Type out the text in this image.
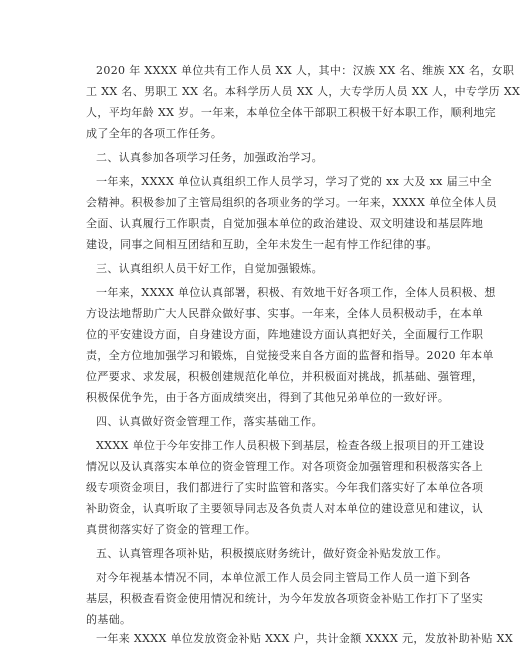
2020 年 XXXX 单位共有工作人员 XX 人，其中：汉族 XX 名、维族 XX 名，女职
工 XX 名、男职工 XX 名。本科学历人员 XX 人，大专学历人员 XX 人，中专学历 XX
人，平均年龄 XX 岁。一年来，本单位全体干部职工积极干好本职工作，顺利地完
成了全年的各项工作任务。
二、认真参加各项学习任务，加强政治学习。
一年来，XXXX 单位认真组织工作人员学习，学习了党的 xx 大及 xx 届三中全
会精神。积极参加了主管局组织的各项业务的学习。一年来，XXXX 单位全体人员
全面、认真履行工作职责，自觉加强本单位的政治建设、双文明建设和基层阵地
建设，同事之间相互团结和互助，全年未发生一起有悖工作纪律的事。
三、认真组织人员干好工作，自觉加强锻炼。
一年来，XXXX 单位认真部署，积极、有效地干好各项工作，全体人员积极、想
方设法地帮助广大人民群众做好事、实事。一年来，全体人员积极动手，在本单
位的平安建设方面，自身建设方面，阵地建设方面认真把好关，全面履行工作职
责，全方位地加强学习和锻炼，自觉接受来自各方面的监督和指导。2020 年本单
位严要求、求发展，积极创建规范化单位，并积极面对挑战，抓基础、强管理，
积极保优争先，由于各方面成绩突出，得到了其他兄弟单位的一致好评。
四、认真做好资金管理工作，落实基础工作。
XXXX 单位于今年安排工作人员积极下到基层，检查各级上报项目的开工建设
情况以及认真落实本单位的资金管理工作。对各项资金加强管理和积极落实各上
级专项资金项目，我们都进行了实时监管和落实。今年我们落实好了本单位各项
补助资金，认真听取了主要领导同志及各负责人对本单位的建设意见和建议，认
真贯彻落实好了资金的管理工作。
五、认真管理各项补贴，积极摸底财务统计，做好资金补贴发放工作。
对今年视基本情况不同，本单位派工作人员会同主管局工作人员一道下到各
基层，积极查看资金使用情况和统计，为今年发放各项资金补贴工作打下了坚实
的基础。
一年来 XXXX 单位发放资金补贴 XXX 户，共计金额 XXXX 元，发放补助补贴 XX
